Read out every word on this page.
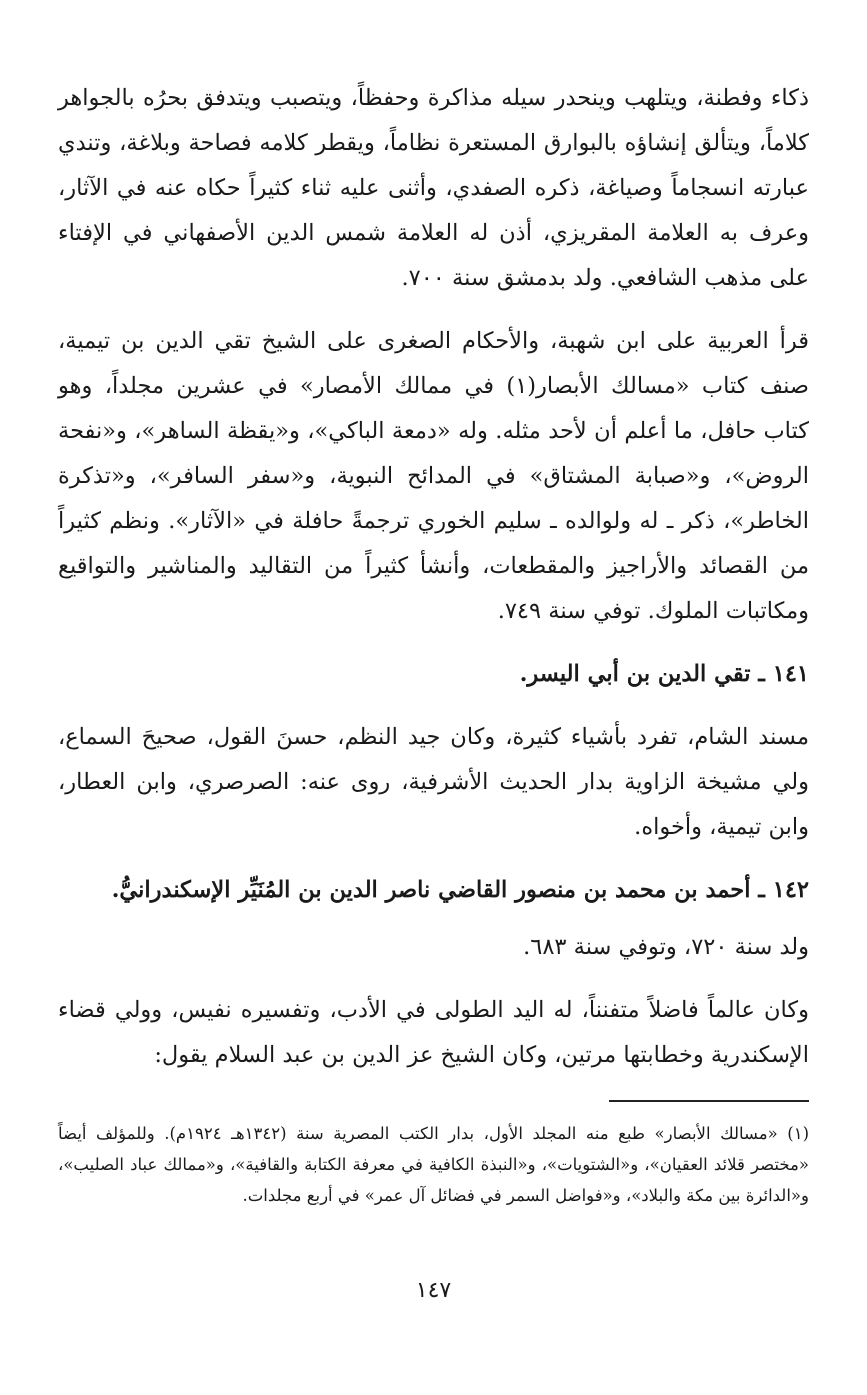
ذكاء وفطنة، ويتلهب وينحدر سيله مذاكرة وحفظاً، ويتصبب ويتدفق بحرُه بالجواهر كلاماً، ويتألق إنشاؤه بالبوارق المستعرة نظاماً، ويقطر كلامه فصاحة وبلاغة، وتندي عبارته انسجاماً وصياغة، ذكره الصفدي، وأثنى عليه ثناء كثيراً حكاه عنه في الآثار، وعرف به العلامة المقريزي، أذن له العلامة شمس الدين الأصفهاني في الإفتاء على مذهب الشافعي. ولد بدمشق سنة ٧٠٠.

قرأ العربية على ابن شهبة، والأحكام الصغرى على الشيخ تقي الدين بن تيمية، صنف كتاب «مسالك الأبصار(١) في ممالك الأمصار» في عشرين مجلداً، وهو كتاب حافل، ما أعلم أن لأحد مثله. وله «دمعة الباكي»، و«يقظة الساهر»، و«نفحة الروض»، و«صبابة المشتاق» في المدائح النبوية، و«سفر السافر»، و«تذكرة الخاطر»، ذكر ـ له ولوالده ـ سليم الخوري ترجمةً حافلة في «الآثار». ونظم كثيراً من القصائد والأراجيز والمقطعات، وأنشأ كثيراً من التقاليد والمناشير والتواقيع ومكاتبات الملوك. توفي سنة ٧٤٩.

١٤١ ـ تقي الدين بن أبي اليسر.

مسند الشام، تفرد بأشياء كثيرة، وكان جيد النظم، حسنَ القول، صحيحَ السماع، ولي مشيخة الزاوية بدار الحديث الأشرفية، روى عنه: الصرصري، وابن العطار، وابن تيمية، وأخواه.

١٤٢ ـ أحمد بن محمد بن منصور القاضي ناصر الدين بن المُنَيِّر الإسكندرانيُّ.

ولد سنة ٧٢٠، وتوفي سنة ٦٨٣.

وكان عالماً فاضلاً متفنناً، له اليد الطولى في الأدب، وتفسيره نفيس، وولي قضاء الإسكندرية وخطابتها مرتين، وكان الشيخ عز الدين بن عبد السلام يقول:

(١) «مسالك الأبصار» طبع منه المجلد الأول، بدار الكتب المصرية سنة (١٣٤٢هـ ١٩٢٤م). وللمؤلف أيضاً «مختصر قلائد العقيان»، و«الشتويات»، و«النبذة الكافية في معرفة الكتابة والقافية»، و«ممالك عباد الصليب»، و«الدائرة بين مكة والبلاد»، و«فواضل السمر في فضائل آل عمر» في أربع مجلدات.

١٤٧
